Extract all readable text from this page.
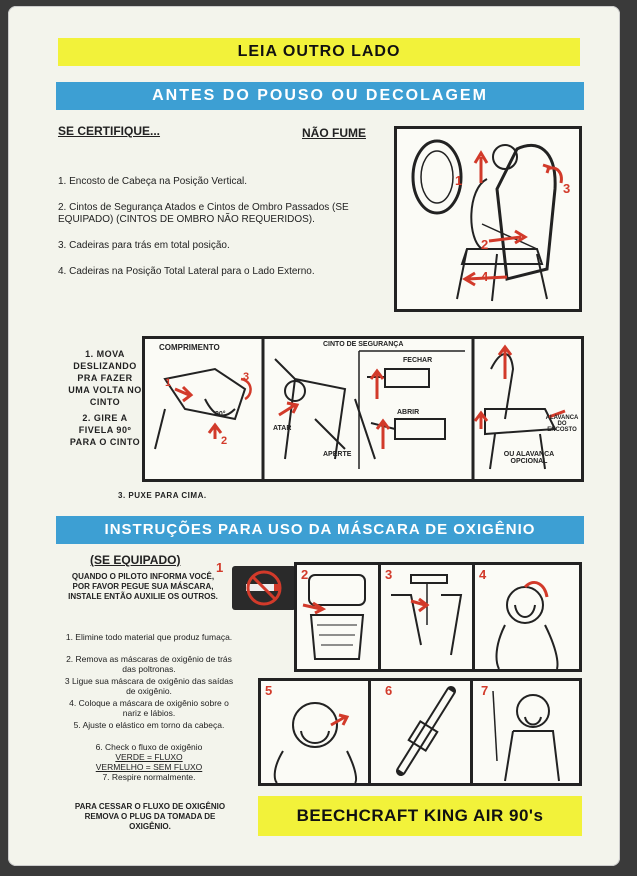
LEIA OUTRO LADO
ANTES DO POUSO OU DECOLAGEM
SE CERTIFIQUE...	NÃO FUME
1. Encosto de Cabeça na Posição Vertical.
2. Cintos de Segurança Atados e Cintos de Ombro Passados (SE EQUIPADO) (CINTOS DE OMBRO NÃO REQUERIDOS).
3. Cadeiras para trás em total posição.
4. Cadeiras na Posição Total Lateral para o Lado Externo.
1
2
3
4
1. MOVA DESLIZANDO PRA FAZER UMA VOLTA NO CINTO
2. GIRE A FIVELA 90º PARA O CINTO
3. PUXE PARA CIMA.
COMPRIMENTO	CINTO DE SEGURANÇA
FECHAR
ABRIR
ATAR
APERTE
ALAVANCA DO ENCOSTO
OU ALAVANCA OPCIONAL
1	3
2
90°
INSTRUÇÕES PARA USO DA MÁSCARA DE OXIGÊNIO
(SE EQUIPADO)
QUANDO O PILOTO INFORMA VOCÊ, POR FAVOR PEGUE SUA MÁSCARA, INSTALE ENTÃO AUXILIE OS OUTROS.
1. Elimine todo material que produz fumaça.
2. Remova as máscaras de oxigênio de trás das poltronas.
3 Ligue sua máscara de oxigênio das saídas de oxigênio.
4. Coloque a máscara de oxigênio sobre o nariz e lábios.
5. Ajuste o elástico em torno da cabeça.
6. Check o fluxo de oxigênio
VERDE = FLUXO
VERMELHO = SEM FLUXO
7. Respire normalmente.
PARA CESSAR O FLUXO DE OXIGÊNIO REMOVA O PLUG DA TOMADA DE OXIGÊNIO.
1	2	3	4
5	6	7
BEECHCRAFT KING AIR 90's
